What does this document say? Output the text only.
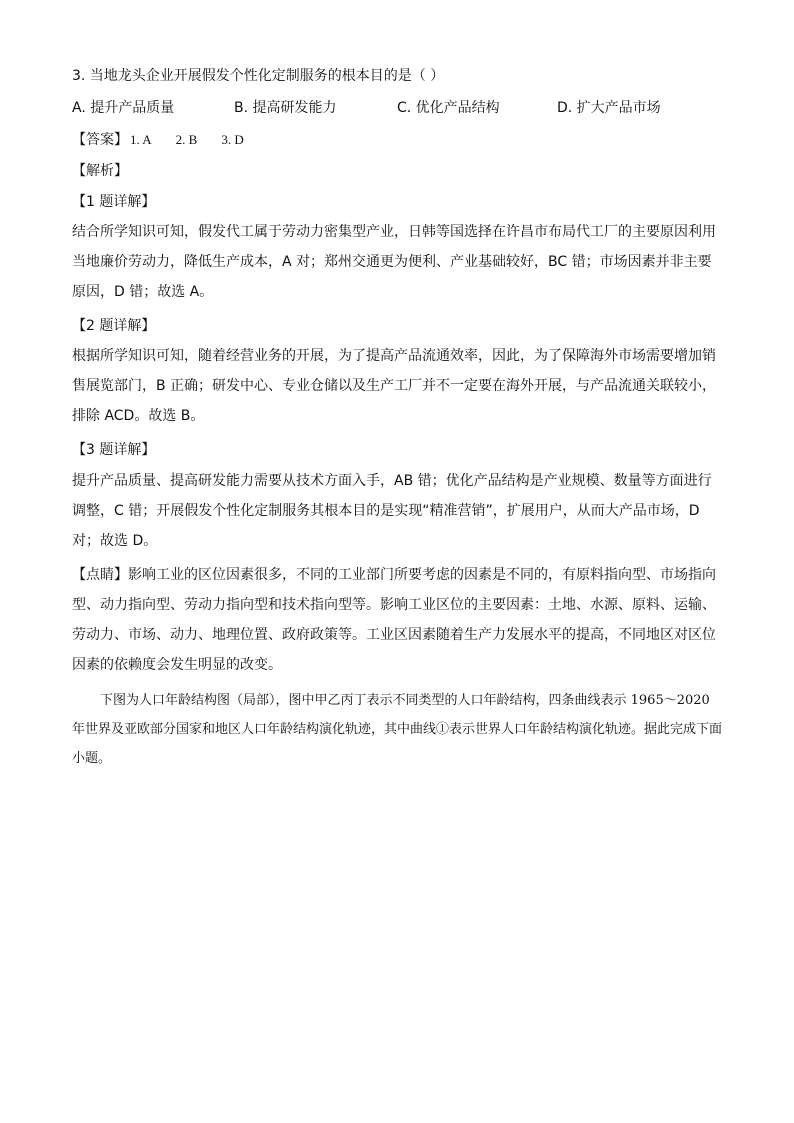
3. 当地龙头企业开展假发个性化定制服务的根本目的是（ ）
A. 提升产品质量	B. 提高研发能力	C. 优化产品结构	D. 扩大产品市场
【答案】 1. A 2. B 3. D
【解析】
【1 题详解】
结合所学知识可知，假发代工属于劳动力密集型产业，日韩等国选择在许昌市布局代工厂的主要原因利用当地廉价劳动力，降低生产成本，A 对；郑州交通更为便利、产业基础较好，BC 错；市场因素并非主要原因，D 错；故选 A。
【2 题详解】
根据所学知识可知，随着经营业务的开展，为了提高产品流通效率，因此，为了保障海外市场需要增加销售展览部门，B 正确；研发中心、专业仓储以及生产工厂并不一定要在海外开展，与产品流通关联较小，排除 ACD。故选 B。
【3 题详解】
提升产品质量、提高研发能力需要从技术方面入手，AB 错；优化产品结构是产业规模、数量等方面进行调整，C 错；开展假发个性化定制服务其根本目的是实现“精准营销”，扩展用户，从而大产品市场，D 对；故选 D。
【点睛】影响工业的区位因素很多，不同的工业部门所要考虑的因素是不同的，有原料指向型、市场指向型、动力指向型、劳动力指向型和技术指向型等。影响工业区位的主要因素：土地、水源、原料、运输、劳动力、市场、动力、地理位置、政府政策等。工业区因素随着生产力发展水平的提高，不同地区对区位因素的依赖度会发生明显的改变。
下图为人口年龄结构图（局部），图中甲乙丙丁表示不同类型的人口年龄结构，四条曲线表示 1965～2020 年世界及亚欧部分国家和地区人口年龄结构演化轨迹，其中曲线①表示世界人口年龄结构演化轨迹。据此完成下面小题。
